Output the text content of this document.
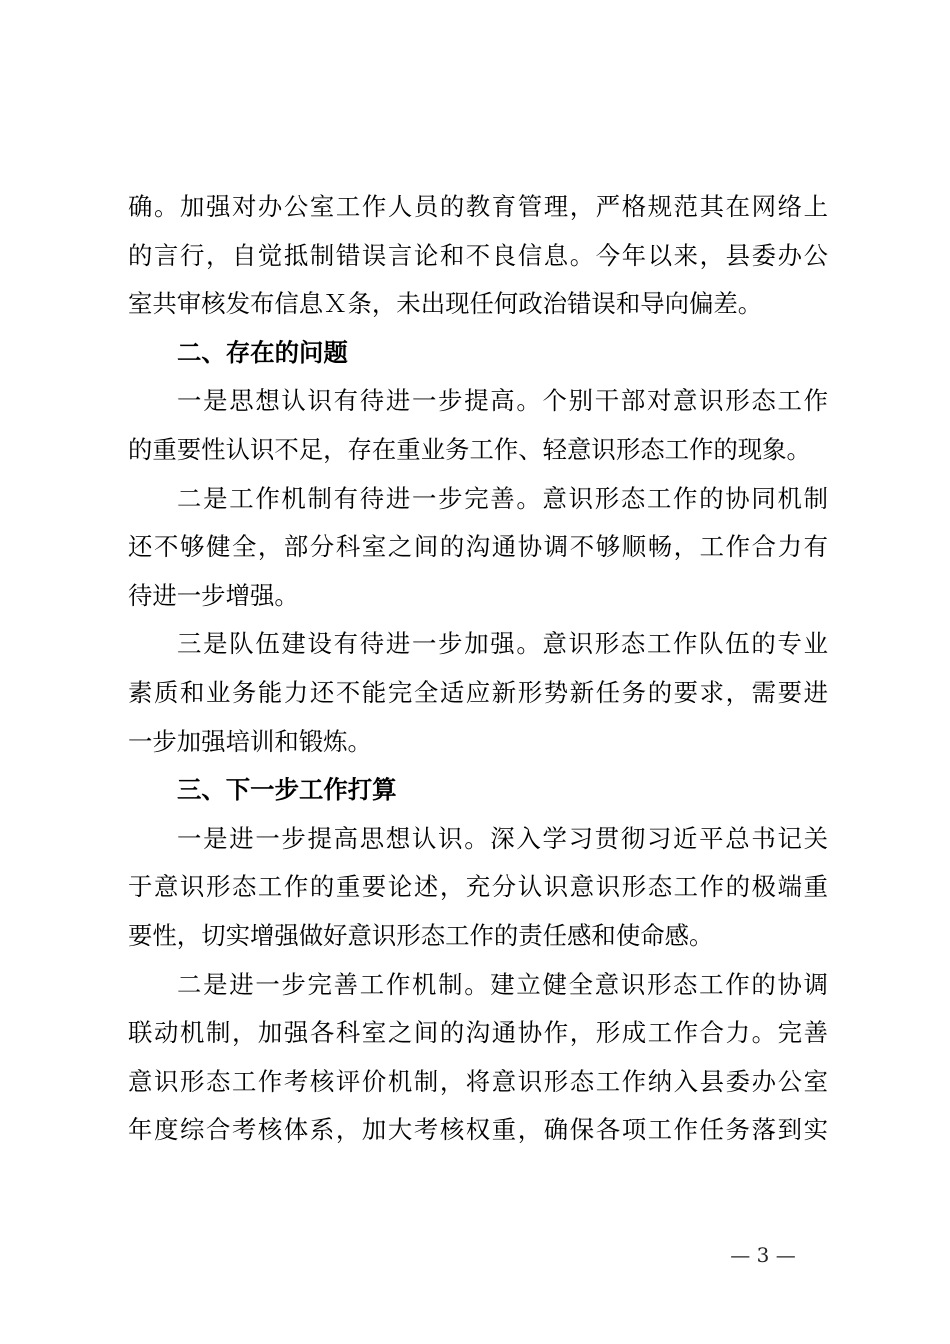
确。加强对办公室工作人员的教育管理，严格规范其在网络上
的言行，自觉抵制错误言论和不良信息。今年以来，县委办公
室共审核发布信息Ｘ条，未出现任何政治错误和导向偏差。
二、存在的问题
一是思想认识有待进一步提高。个别干部对意识形态工作
的重要性认识不足，存在重业务工作、轻意识形态工作的现象。
二是工作机制有待进一步完善。意识形态工作的协同机制
还不够健全，部分科室之间的沟通协调不够顺畅，工作合力有
待进一步增强。
三是队伍建设有待进一步加强。意识形态工作队伍的专业
素质和业务能力还不能完全适应新形势新任务的要求，需要进
一步加强培训和锻炼。
三、下一步工作打算
一是进一步提高思想认识。深入学习贯彻习近平总书记关
于意识形态工作的重要论述，充分认识意识形态工作的极端重
要性，切实增强做好意识形态工作的责任感和使命感。
二是进一步完善工作机制。建立健全意识形态工作的协调
联动机制，加强各科室之间的沟通协作，形成工作合力。完善
意识形态工作考核评价机制，将意识形态工作纳入县委办公室
年度综合考核体系，加大考核权重，确保各项工作任务落到实
— 3 —
